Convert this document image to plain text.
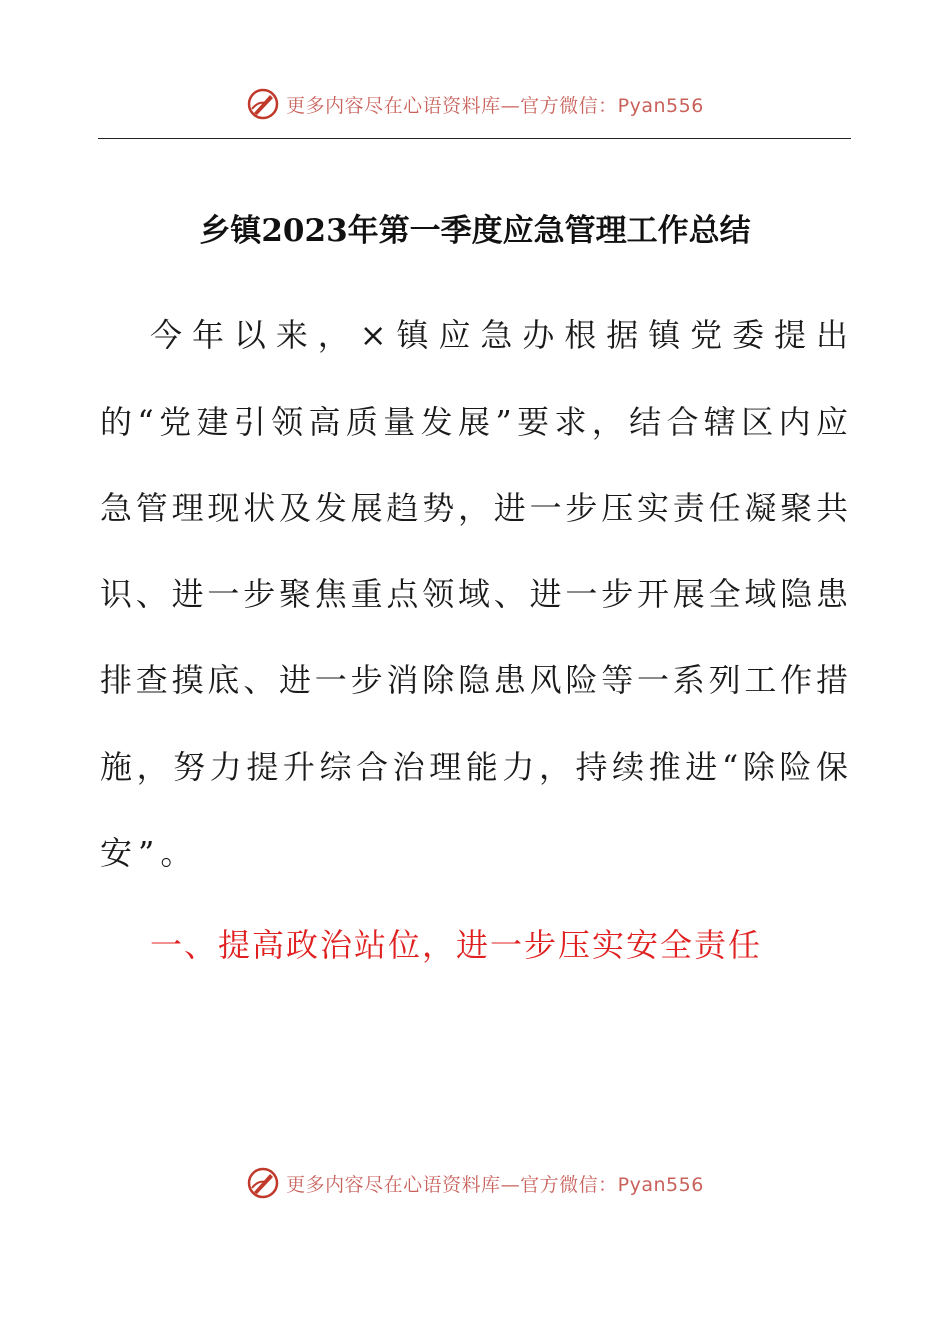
更多内容尽在心语资料库—官方微信：Pyan556
乡镇2023年第一季度应急管理工作总结
今年以来，×镇应急办根据镇党委提出
的“党建引领高质量发展”要求，结合辖区内应
急管理现状及发展趋势，进一步压实责任凝聚共
识、进一步聚焦重点领域、进一步开展全域隐患
排查摸底、进一步消除隐患风险等一系列工作措
施，努力提升综合治理能力，持续推进“除险保
安”。
一、提高政治站位，进一步压实安全责任
更多内容尽在心语资料库—官方微信：Pyan556
